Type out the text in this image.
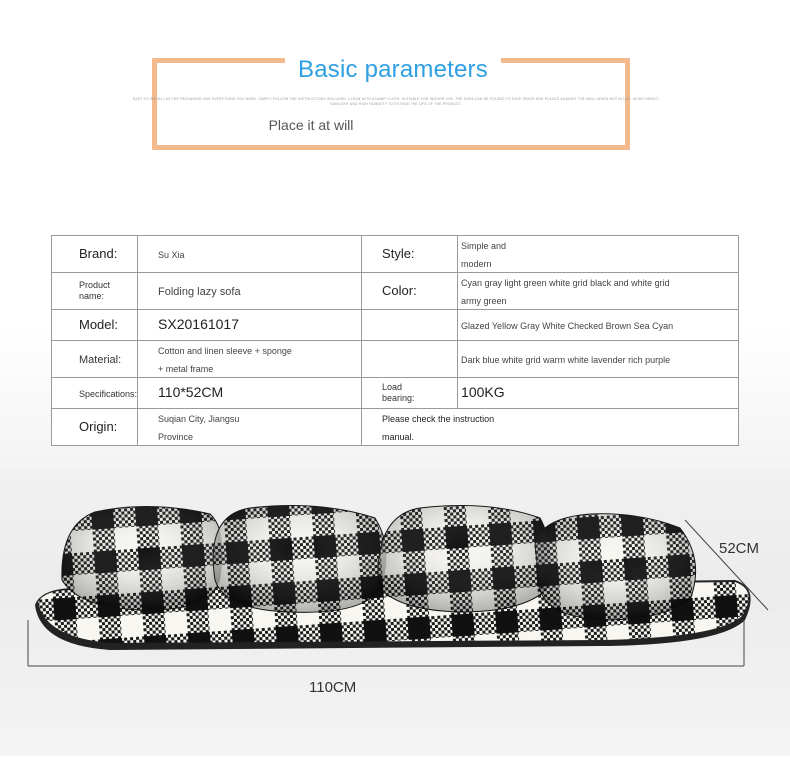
Basic parameters
EASY TO INSTALL AS THE PACKAGING HAS EVERYTHING YOU NEED, SIMPLY FOLLOW THE INSTRUCTIONS INCLUDED. CLEAN WITH A DAMP CLOTH. SUITABLE FOR INDOOR USE. THE SOFA CAN BE FOLDED TO SAVE SPACE AND PLACED AGAINST THE WALL WHEN NOT IN USE. AVOID DIRECT SUNLIGHT AND HIGH HUMIDITY TO EXTEND THE LIFE OF THE PRODUCT.
Place it at will
Brand:	Su Xia	Style:	Simple and
modern

Product
name:	Folding lazy sofa	Color:	Cyan gray light green white grid black and white grid
army green
Model:	SX20161017		Glazed Yellow Gray White Checked Brown Sea Cyan
Material:	Cotton and linen sleeve + sponge
+ metal frame		Dark blue white grid warm white lavender rich purple
Specifications:	110*52CM	Load
bearing:	100KG
Origin:	Suqian City, Jiangsu
Province	Please check the instruction
manual.	
52CM
110CM
